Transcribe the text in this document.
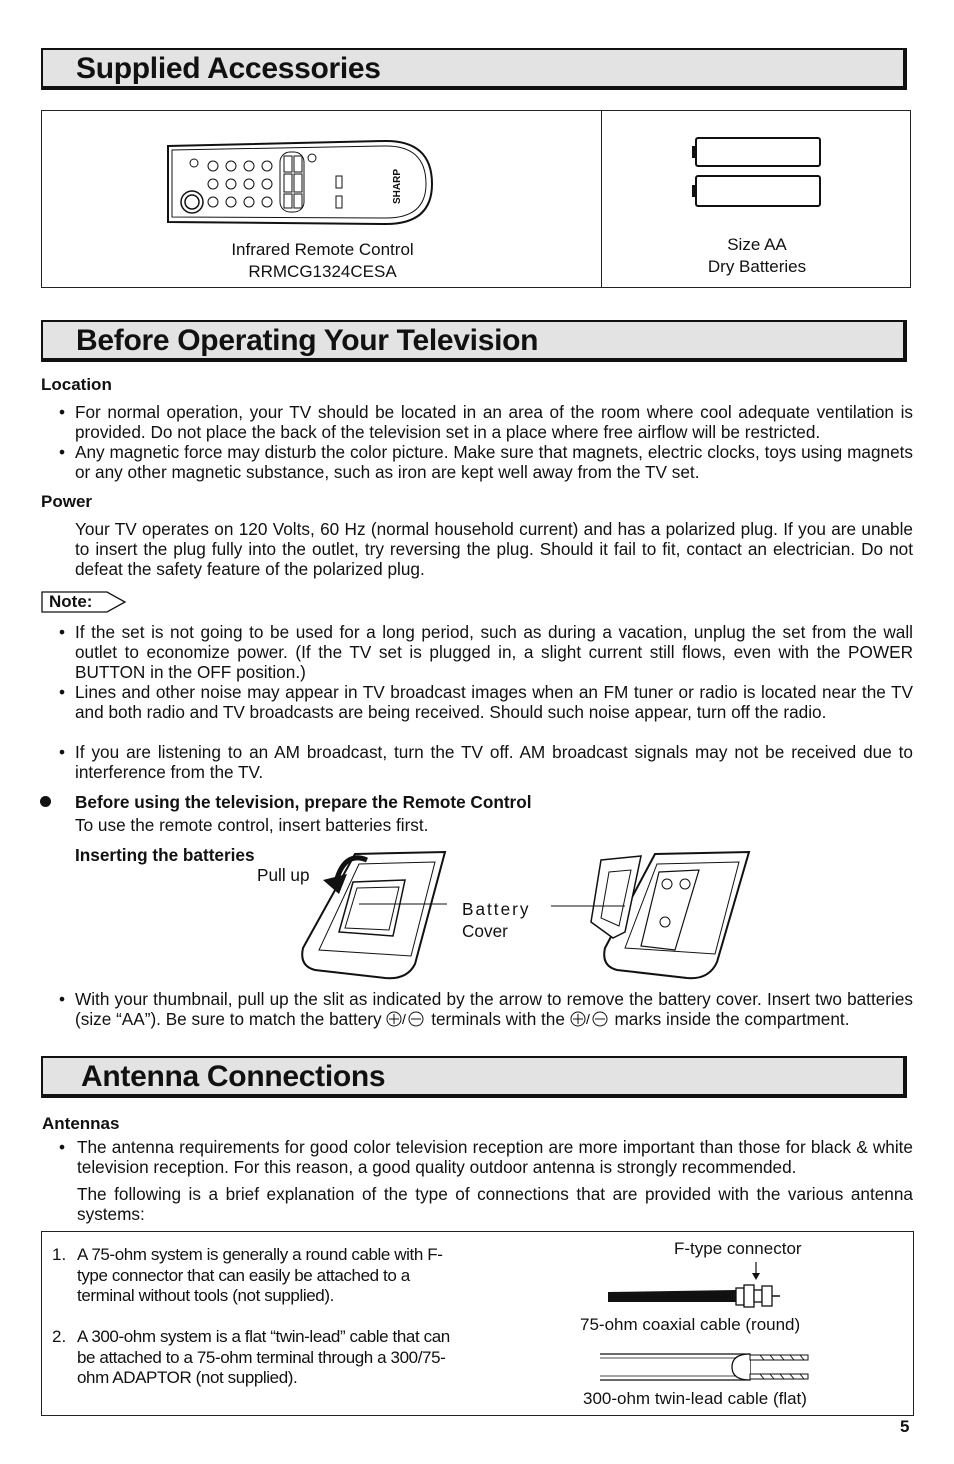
Supplied Accessories
SHARP
Infrared Remote Control
RRMCG1324CESA
Size AA
Dry Batteries
Before Operating Your Television
Location
• For normal operation, your TV should be located in an area of the room where cool adequate ventilation is provided. Do not place the back of the television set in a place where free airflow will be restricted.
• Any magnetic force may disturb the color picture. Make sure that magnets, electric clocks, toys using magnets or any other magnetic substance, such as iron are kept well away from the TV set.
Power
Your TV operates on 120 Volts, 60 Hz (normal household current) and has a polarized plug. If you are unable to insert the plug fully into the outlet, try reversing the plug. Should it fail to fit, contact an electrician. Do not defeat the safety feature of the polarized plug.
Note:
• If the set is not going to be used for a long period, such as during a vacation, unplug the set from the wall outlet to economize power. (If the TV set is plugged in, a slight current still flows, even with the POWER BUTTON in the OFF position.)
• Lines and other noise may appear in TV broadcast images when an FM tuner or radio is located near the TV and both radio and TV broadcasts are being received. Should such noise appear, turn off the radio.
• If you are listening to an AM broadcast, turn the TV off. AM broadcast signals may not be received due to interference from the TV.
Before using the television, prepare the Remote Control
To use the remote control, insert batteries first.
Inserting the batteries
Pull up
Battery
Cover
• With your thumbnail, pull up the slit as indicated by the arrow to remove the battery cover. Insert two batteries (size “AA”). Be sure to match the battery / terminals with the / marks inside the compartment.
Antenna Connections
Antennas
• The antenna requirements for good color television reception are more important than those for black & white television reception. For this reason, a good quality outdoor antenna is strongly recommended.
The following is a brief explanation of the type of connections that are provided with the various antenna systems:
1. A 75-ohm system is generally a round cable with F-type connector that can easily be attached to a terminal without tools (not supplied).
2. A 300-ohm system is a flat “twin-lead” cable that can be attached to a 75-ohm terminal through a 300/75-ohm ADAPTOR (not supplied).
F-type connector
75-ohm coaxial cable (round)
300-ohm twin-lead cable (flat)
5
